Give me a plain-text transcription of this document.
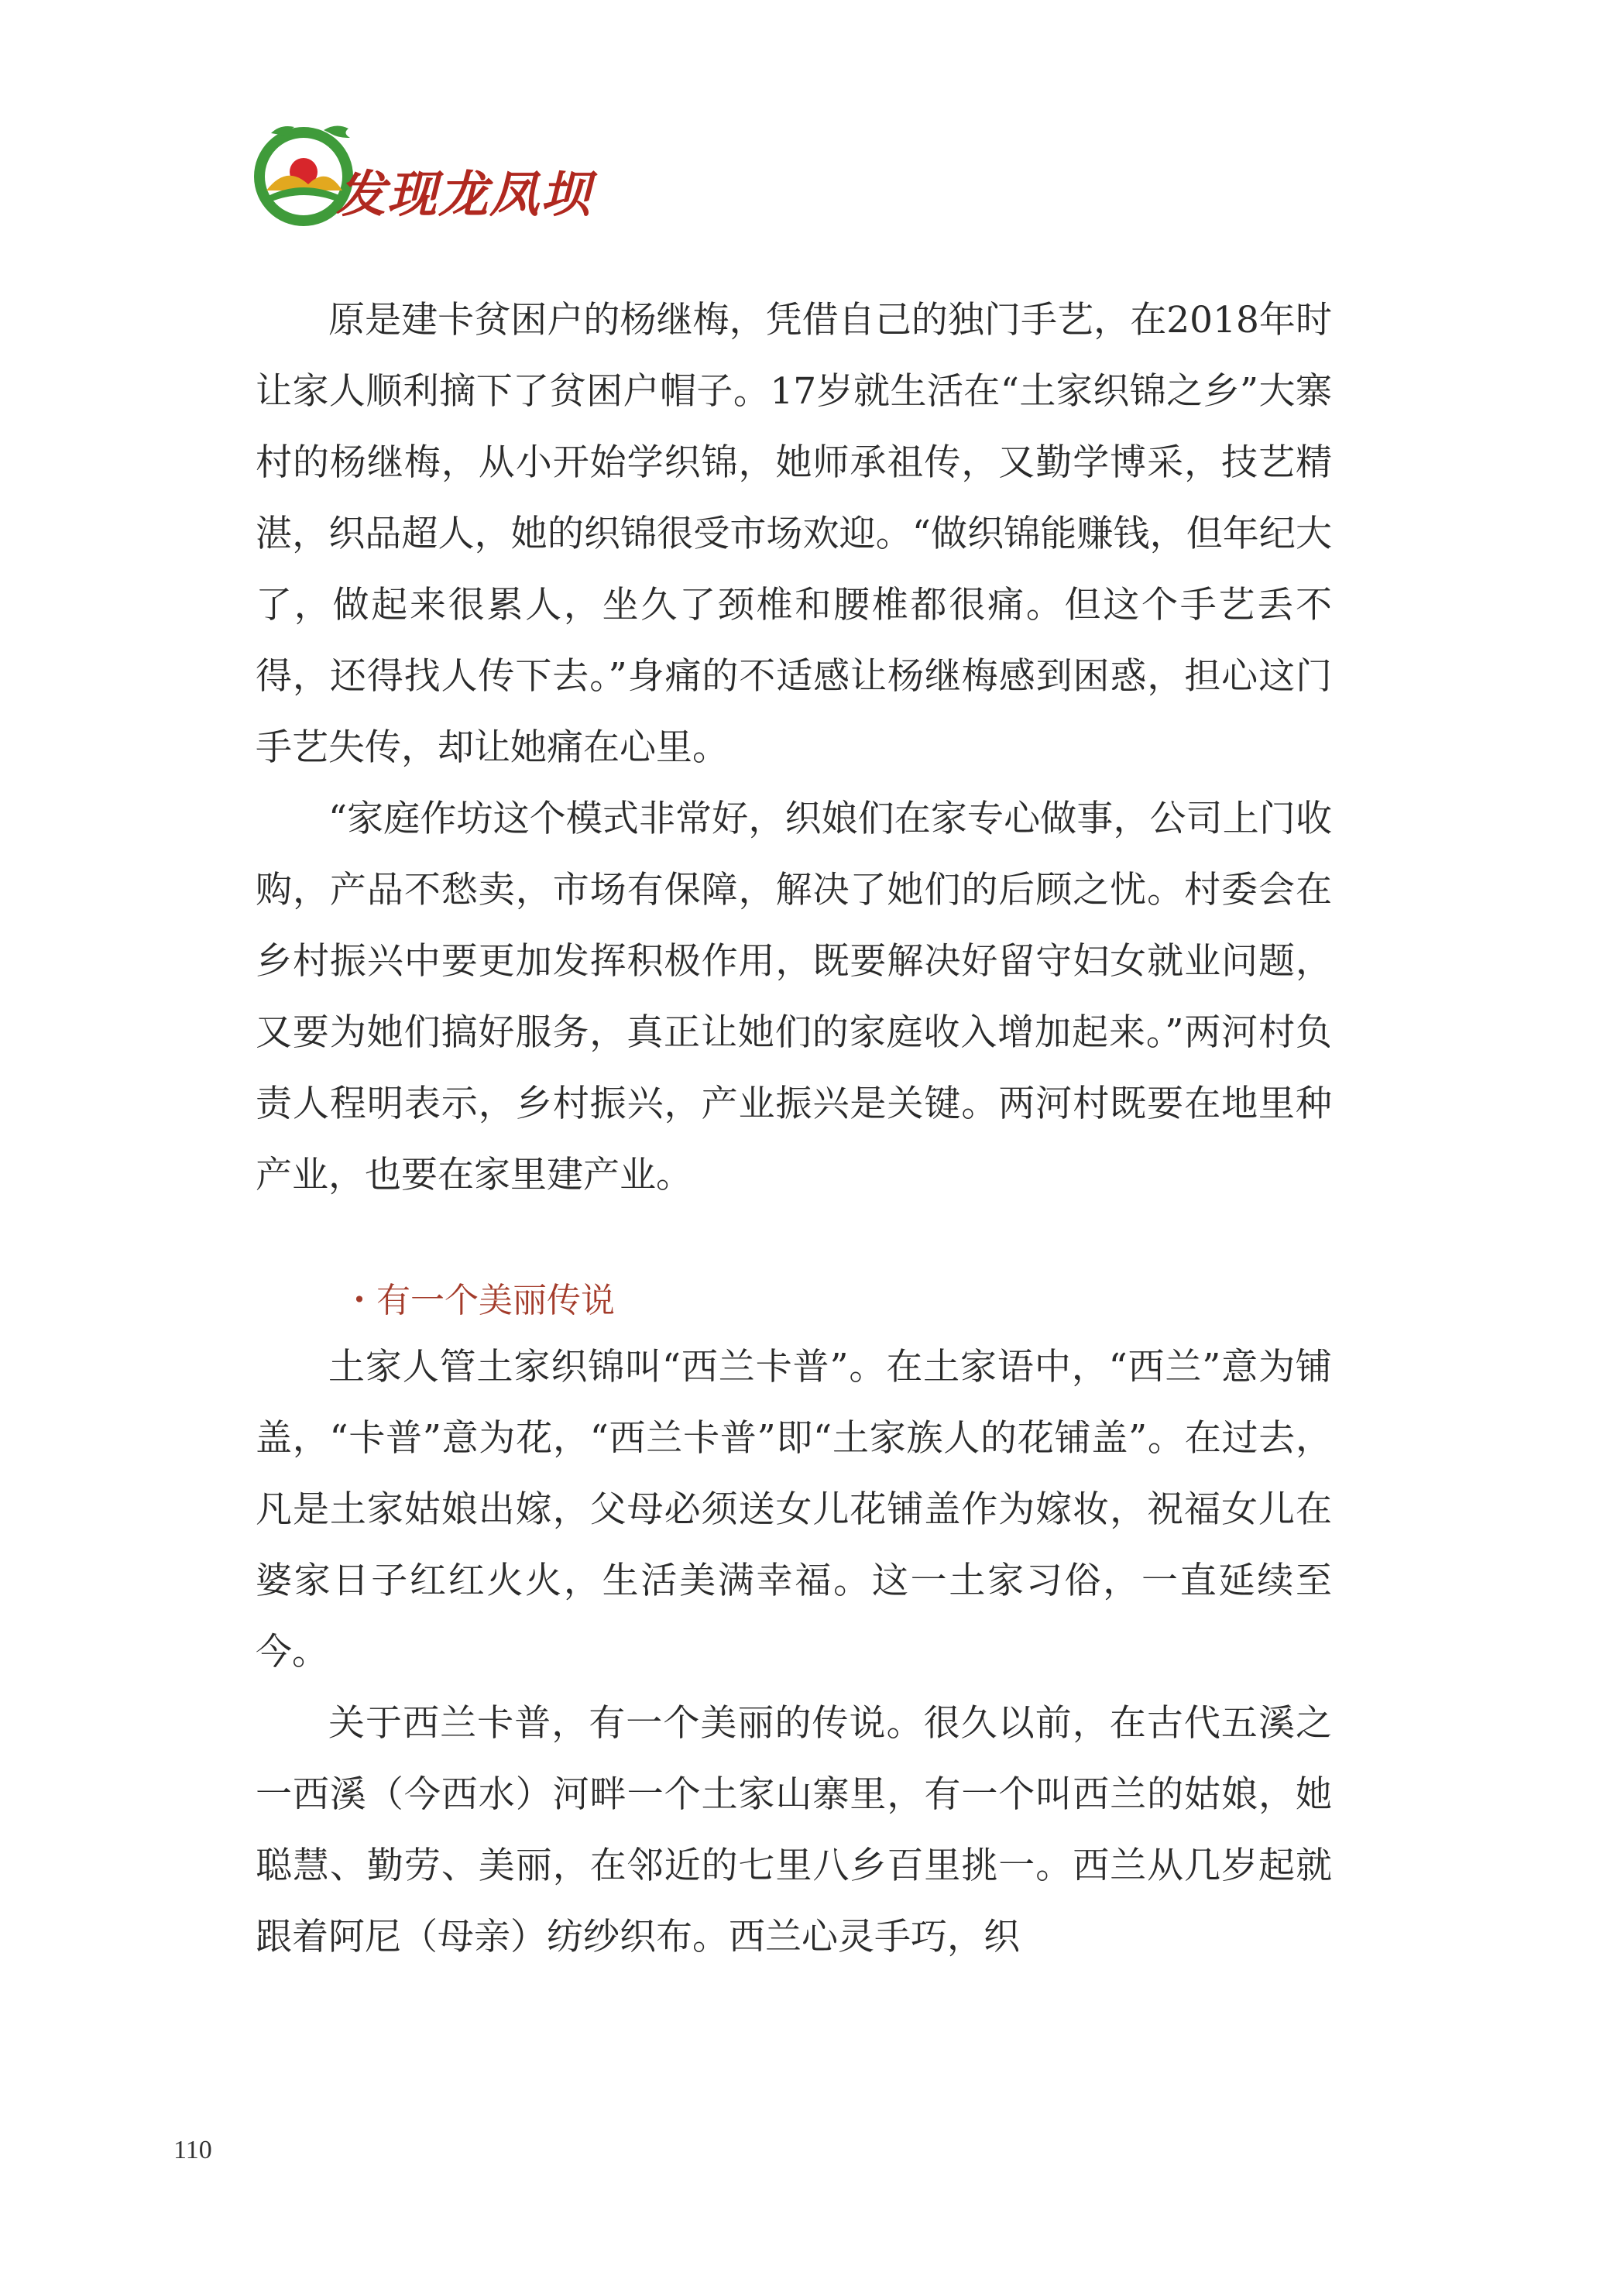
发现龙凤坝

原是建卡贫困户的杨继梅，凭借自己的独门手艺，在2018年时让家人顺利摘下了贫困户帽子。17岁就生活在“土家织锦之乡”大寨村的杨继梅，从小开始学织锦，她师承祖传，又勤学博采，技艺精湛，织品超人，她的织锦很受市场欢迎。“做织锦能赚钱，但年纪大了，做起来很累人，坐久了颈椎和腰椎都很痛。但这个手艺丢不得，还得找人传下去。”身痛的不适感让杨继梅感到困惑，担心这门手艺失传，却让她痛在心里。

“家庭作坊这个模式非常好，织娘们在家专心做事，公司上门收购，产品不愁卖，市场有保障，解决了她们的后顾之忧。村委会在乡村振兴中要更加发挥积极作用，既要解决好留守妇女就业问题，又要为她们搞好服务，真正让她们的家庭收入增加起来。”两河村负责人程明表示，乡村振兴，产业振兴是关键。两河村既要在地里种产业，也要在家里建产业。

・有一个美丽传说

土家人管土家织锦叫“西兰卡普”。在土家语中，“西兰”意为铺盖，“卡普”意为花，“西兰卡普”即“土家族人的花铺盖”。在过去，凡是土家姑娘出嫁，父母必须送女儿花铺盖作为嫁妆，祝福女儿在婆家日子红红火火，生活美满幸福。这一土家习俗，一直延续至今。

关于西兰卡普，有一个美丽的传说。很久以前，在古代五溪之一西溪（今西水）河畔一个土家山寨里，有一个叫西兰的姑娘，她聪慧、勤劳、美丽，在邻近的七里八乡百里挑一。西兰从几岁起就跟着阿尼（母亲）纺纱织布。西兰心灵手巧，织

110
